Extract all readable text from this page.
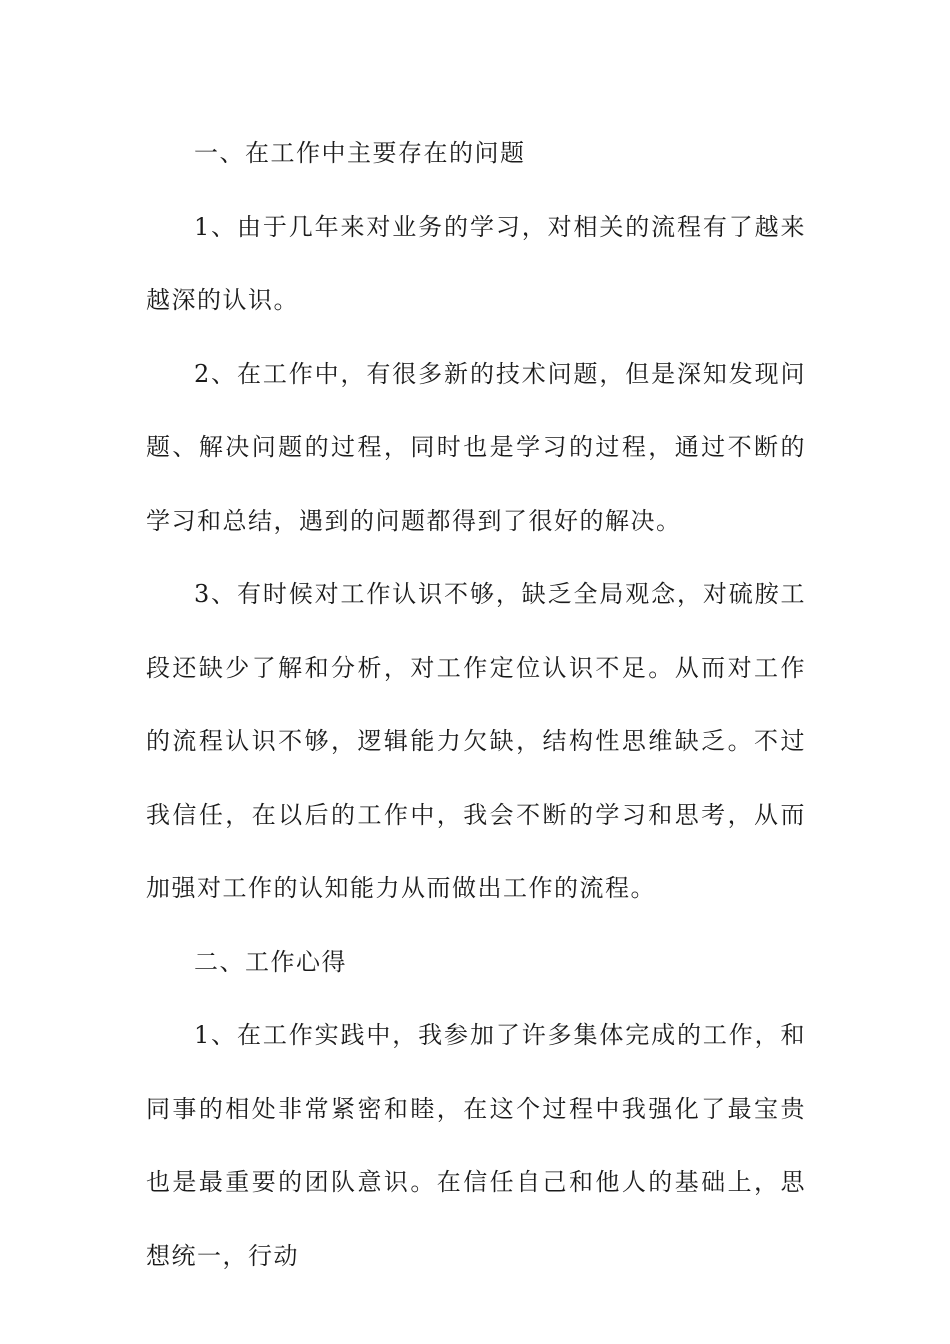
一、在工作中主要存在的问题

1、由于几年来对业务的学习，对相关的流程有了越来越深的认识。

2、在工作中，有很多新的技术问题，但是深知发现问题、解决问题的过程，同时也是学习的过程，通过不断的学习和总结，遇到的问题都得到了很好的解决。

3、有时候对工作认识不够，缺乏全局观念，对硫胺工段还缺少了解和分析，对工作定位认识不足。从而对工作的流程认识不够，逻辑能力欠缺，结构性思维缺乏。不过我信任，在以后的工作中，我会不断的学习和思考，从而加强对工作的认知能力从而做出工作的流程。

二、工作心得

1、在工作实践中，我参加了许多集体完成的工作，和同事的相处非常紧密和睦，在这个过程中我强化了最宝贵也是最重要的团队意识。在信任自己和他人的基础上，思想统一，行动
